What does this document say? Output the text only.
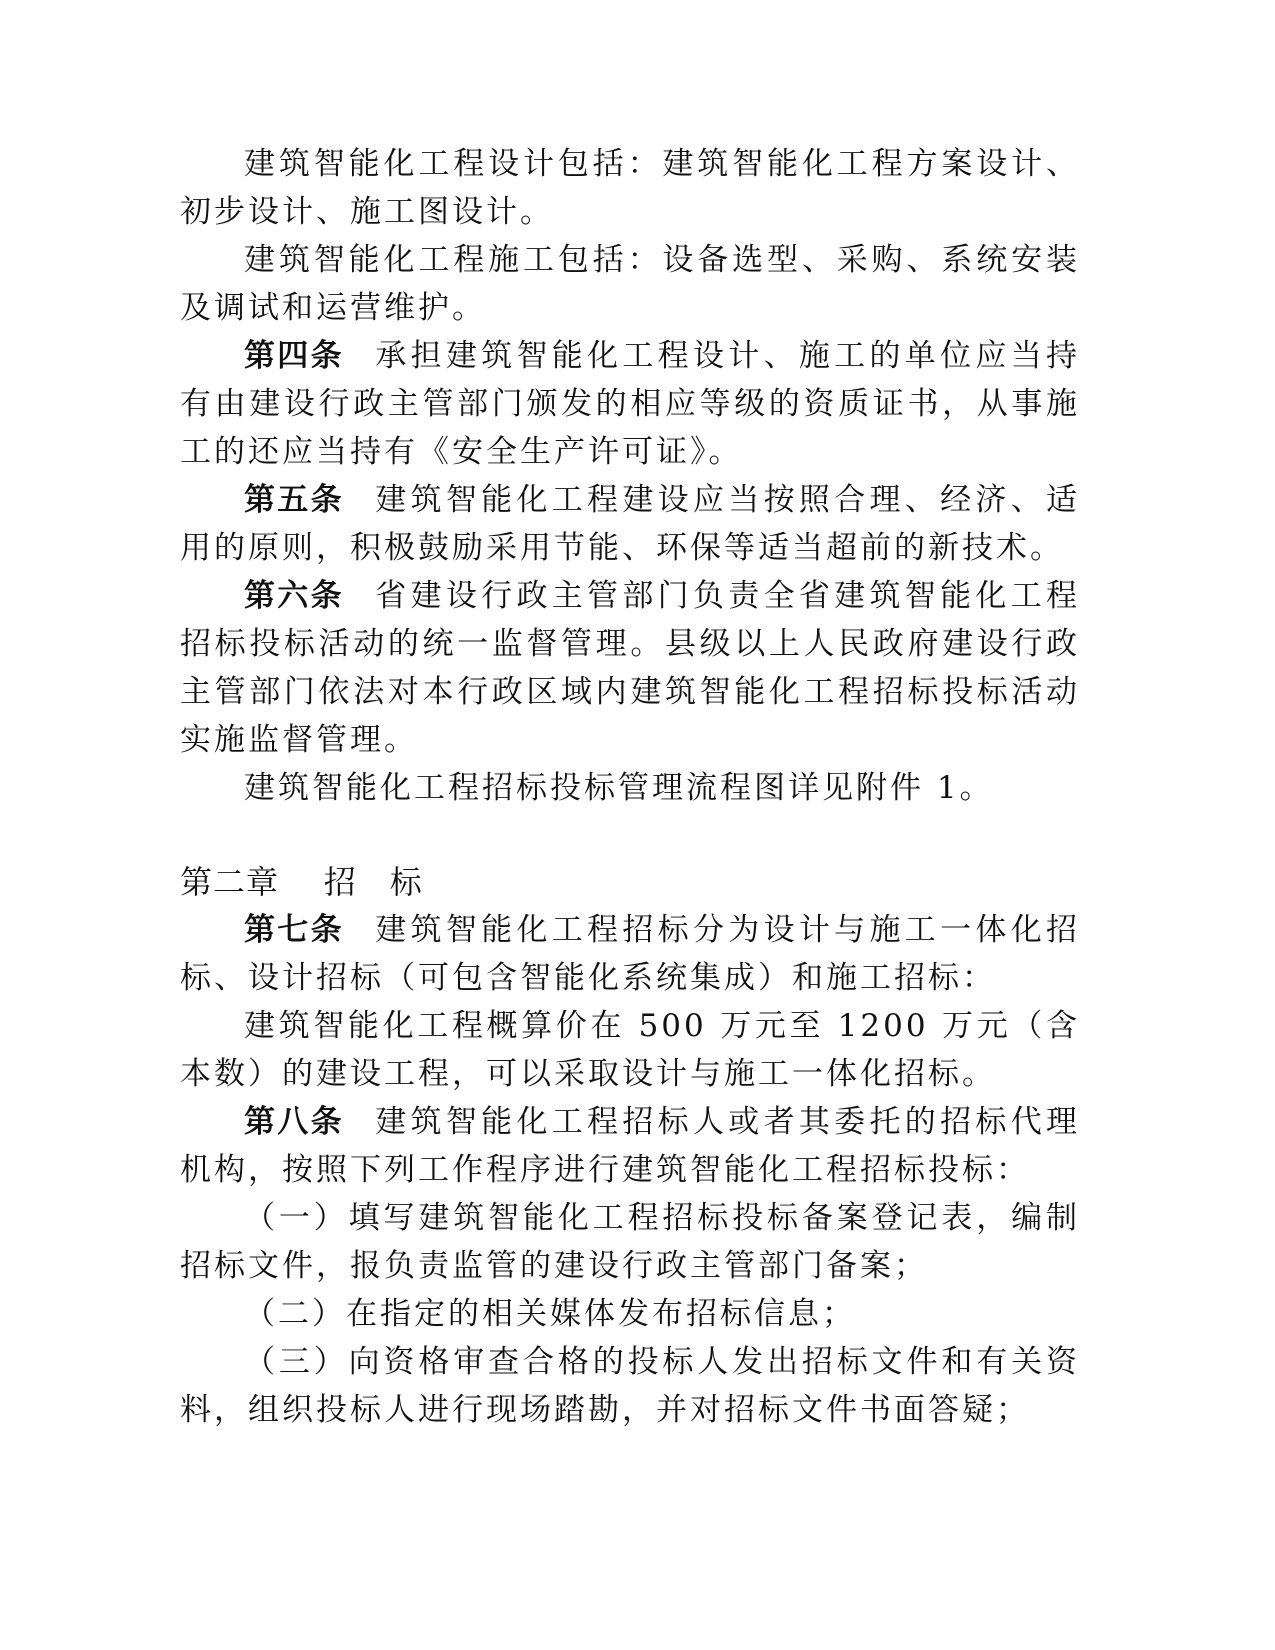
建筑智能化工程设计包括：建筑智能化工程方案设计、初步设计、施工图设计。

建筑智能化工程施工包括：设备选型、采购、系统安装及调试和运营维护。

第四条 承担建筑智能化工程设计、施工的单位应当持有由建设行政主管部门颁发的相应等级的资质证书，从事施工的还应当持有《安全生产许可证》。

第五条 建筑智能化工程建设应当按照合理、经济、适用的原则，积极鼓励采用节能、环保等适当超前的新技术。

第六条 省建设行政主管部门负责全省建筑智能化工程招标投标活动的统一监督管理。县级以上人民政府建设行政主管部门依法对本行政区域内建筑智能化工程招标投标活动实施监督管理。

建筑智能化工程招标投标管理流程图详见附件 1。

第二章 招　标

第七条 建筑智能化工程招标分为设计与施工一体化招标、设计招标（可包含智能化系统集成）和施工招标：

建筑智能化工程概算价在 500 万元至 1200 万元（含本数）的建设工程，可以采取设计与施工一体化招标。

第八条 建筑智能化工程招标人或者其委托的招标代理机构，按照下列工作程序进行建筑智能化工程招标投标：

（一）填写建筑智能化工程招标投标备案登记表，编制招标文件，报负责监管的建设行政主管部门备案；

（二）在指定的相关媒体发布招标信息；

（三）向资格审查合格的投标人发出招标文件和有关资料，组织投标人进行现场踏勘，并对招标文件书面答疑；
